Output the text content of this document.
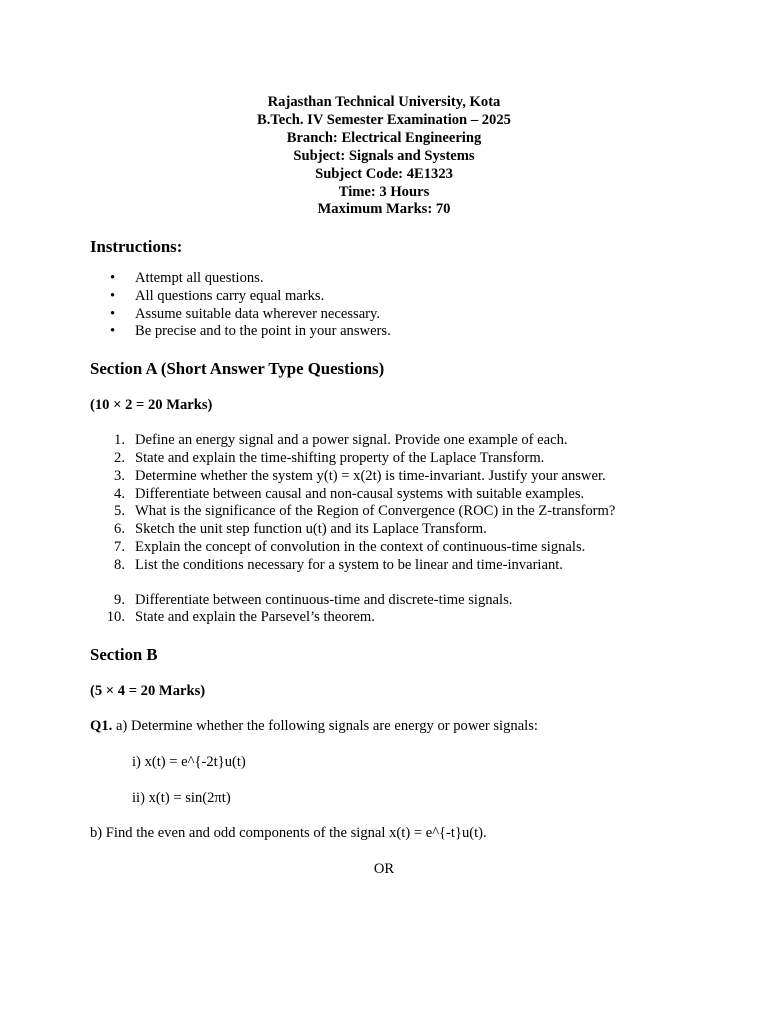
Rajasthan Technical University, Kota
B.Tech. IV Semester Examination – 2025
Branch: Electrical Engineering
Subject: Signals and Systems
Subject Code: 4E1323
Time: 3 Hours
Maximum Marks: 70
Instructions:
• Attempt all questions.
• All questions carry equal marks.
• Assume suitable data wherever necessary.
• Be precise and to the point in your answers.
Section A (Short Answer Type Questions)
(10 × 2 = 20 Marks)
1. Define an energy signal and a power signal. Provide one example of each.
2. State and explain the time-shifting property of the Laplace Transform.
3. Determine whether the system y(t) = x(2t) is time-invariant. Justify your answer.
4. Differentiate between causal and non-causal systems with suitable examples.
5. What is the significance of the Region of Convergence (ROC) in the Z-transform?
6. Sketch the unit step function u(t) and its Laplace Transform.
7. Explain the concept of convolution in the context of continuous-time signals.
8. List the conditions necessary for a system to be linear and time-invariant.
9. Differentiate between continuous-time and discrete-time signals.
10. State and explain the Parsevel’s theorem.
Section B
(5 × 4 = 20 Marks)
Q1. a) Determine whether the following signals are energy or power signals:
i) x(t) = e^{-2t}u(t)
ii) x(t) = sin(2πt)
b) Find the even and odd components of the signal x(t) = e^{-t}u(t).
OR
